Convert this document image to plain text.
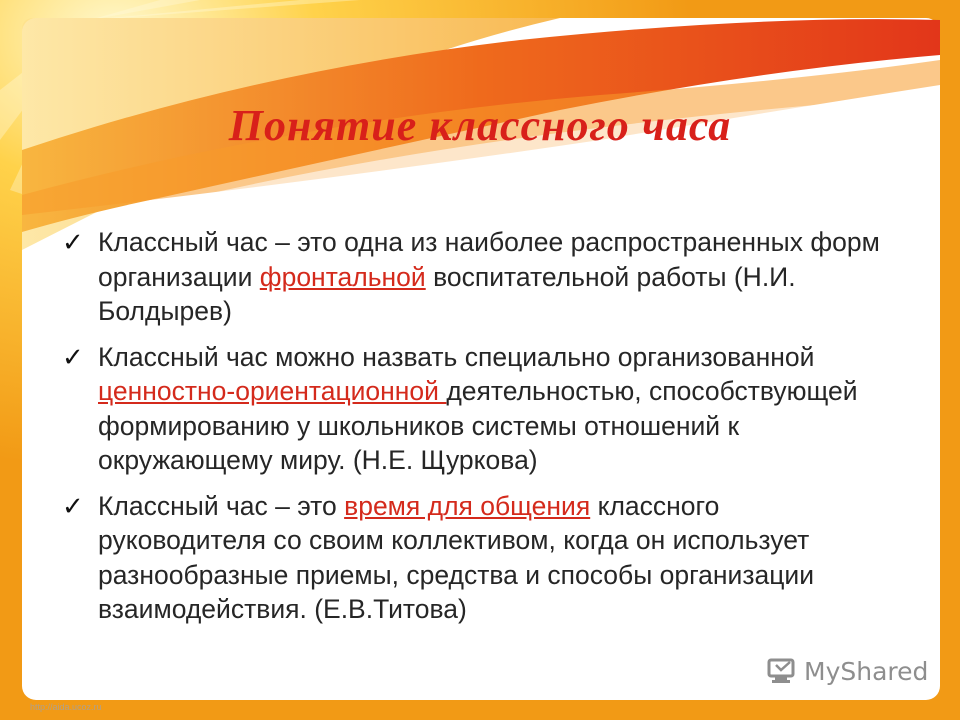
Понятие классного часа
✓ Классный час – это одна из наиболее распространенных форм организации фронтальной воспитательной работы (Н.И. Болдырев)
✓ Классный час можно назвать специально организованной ценностно-ориентационной деятельностью, способствующей формированию у школьников системы отношений к окружающему миру. (Н.Е. Щуркова)
✓ Классный час – это время для общения классного руководителя со своим коллективом, когда он использует разнообразные приемы, средства и способы организации взаимодействия. (Е.В.Титова)
MyShared
http://aida.ucoz.ru
